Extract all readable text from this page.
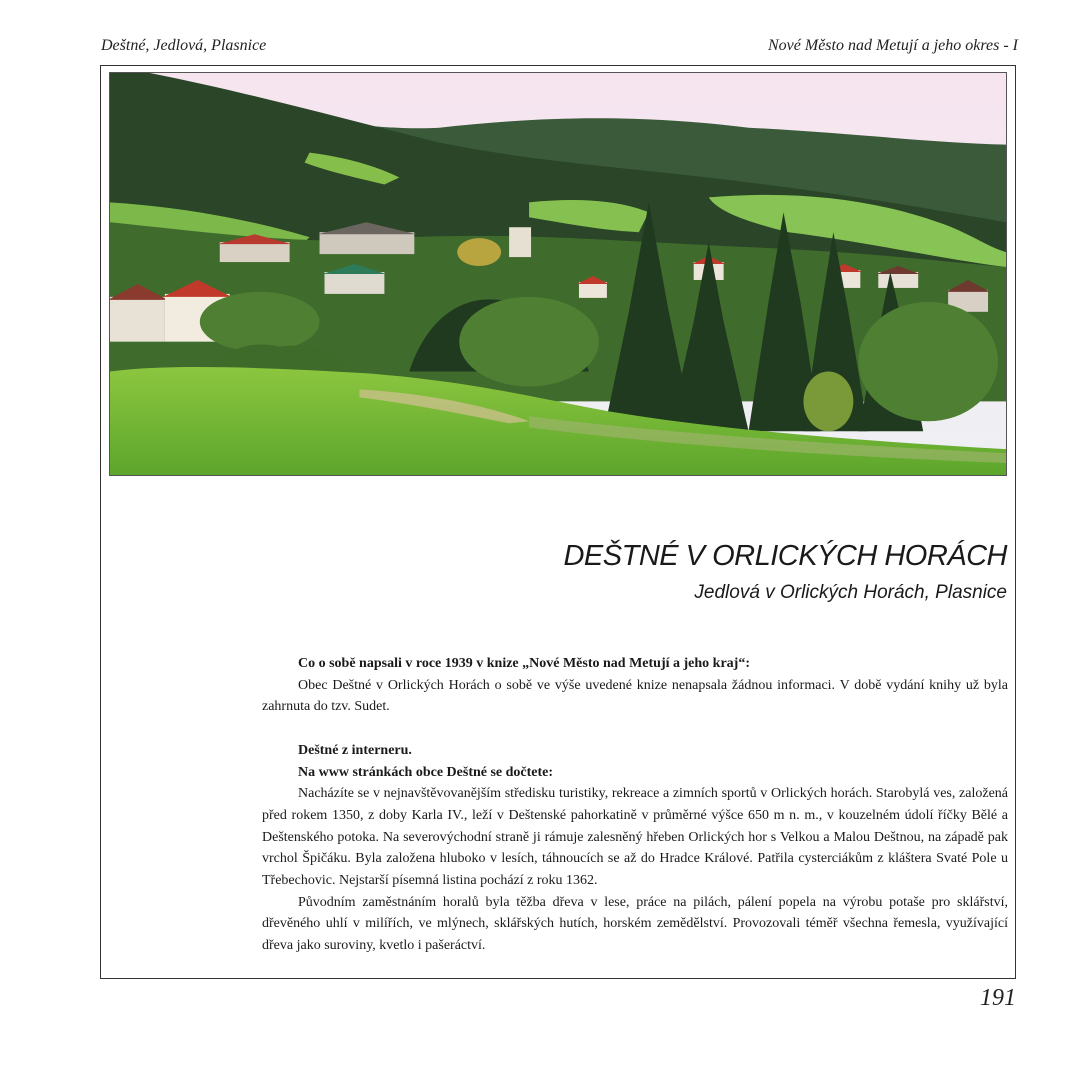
Deštné, Jedlová, Plasnice	Nové Město nad Metují a jeho okres - I
DEŠTNÉ V ORLICKÝCH HORÁCH
Jedlová v Orlických Horách, Plasnice

Co o sobě napsali v roce 1939 v knize „Nové Město nad Metují a jeho kraj“:

Obec Deštné v Orlických Horách o sobě ve výše uvedené knize nenapsala žádnou informaci. V době vydání knihy už byla zahrnuta do tzv. Sudet.

Deštné z interneru.

Na www stránkách obce Deštné se dočtete:

Nacházíte se v nejnavštěvovanějším středisku turistiky, rekreace a zimních sportů v Orlických horách. Starobylá ves, založená před rokem 1350, z doby Karla IV., leží v Deštenské pahorkatině v průměrné výšce 650 m n. m., v kouzelném údolí říčky Bělé a Deštenského potoka. Na severovýchodní straně ji rámuje zalesněný hřeben Orlických hor s Velkou a Malou Deštnou, na západě pak vrchol Špičáku. Byla založena hluboko v lesích, táhnoucích se až do Hradce Králové. Patřila cysterciákům z kláštera Svaté Pole u Třebechovic. Nejstarší písemná listina pochází z roku 1362.

Původním zaměstnáním horalů byla těžba dřeva v lese, práce na pilách, pálení popela na výrobu potaše pro sklářství, dřevěného uhlí v milířích, ve mlýnech, sklářských hutích, horském zemědělství. Provozovali téměř všechna řemesla, využívající dřeva jako suroviny, kvetlo i pašeráctví.

191
